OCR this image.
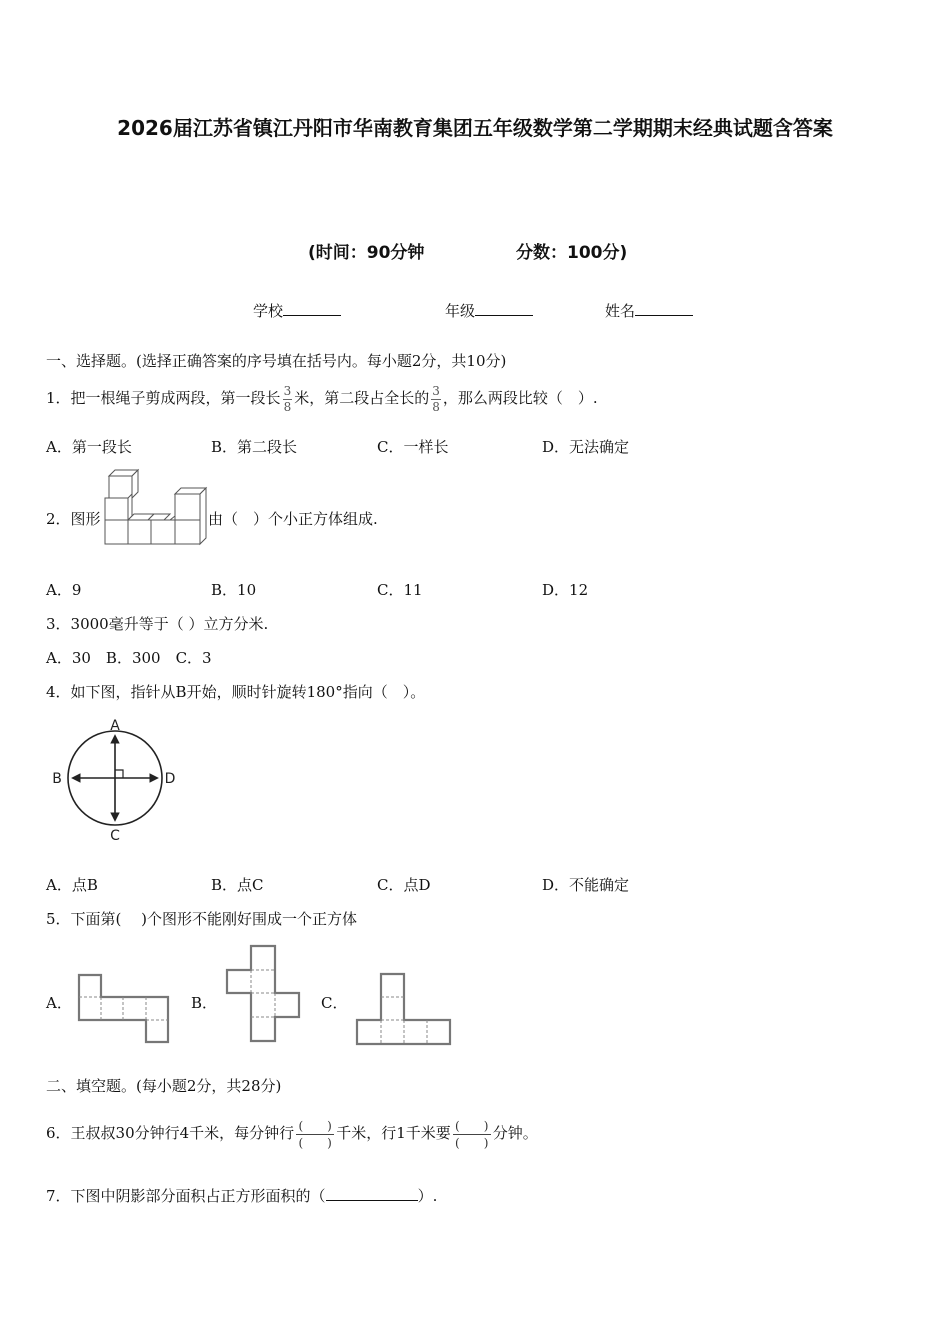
2026届江苏省镇江丹阳市华南教育集团五年级数学第二学期期末经典试题含答案
(时间：90分钟	分数：100分)
学校	年级	姓名
一、选择题。(选择正确答案的序号填在括号内。每小题2分，共10分)
1．把一根绳子剪成两段，第一段长 $\frac{3}{8}$ 米，第二段占全长的 $\frac{3}{8}$ ，那么两段比较（　）.
A．第一段长	B．第二段长	C．一样长	D．无法确定
2．图形	由（　）个小正方体组成.
A．9	B．10	C．11	D．12
3．3000毫升等于（ ）立方分米.
A．30　B．300　C．3
4．如下图，指针从B开始，顺时针旋转180°指向（　）。
A
B
C
D
A．点B	B．点C	C．点D	D．不能确定
5．下面第(　 )个图形不能刚好围成一个正方体
A．	B．	C．
二、填空题。(每小题2分，共28分)
6．王叔叔30分钟行4千米，每分钟行 (　　)
(　　)
千米，行1千米要 (　　)
(　　)
分钟。
7．下图中阴影部分面积占正方形面积的（	）.
